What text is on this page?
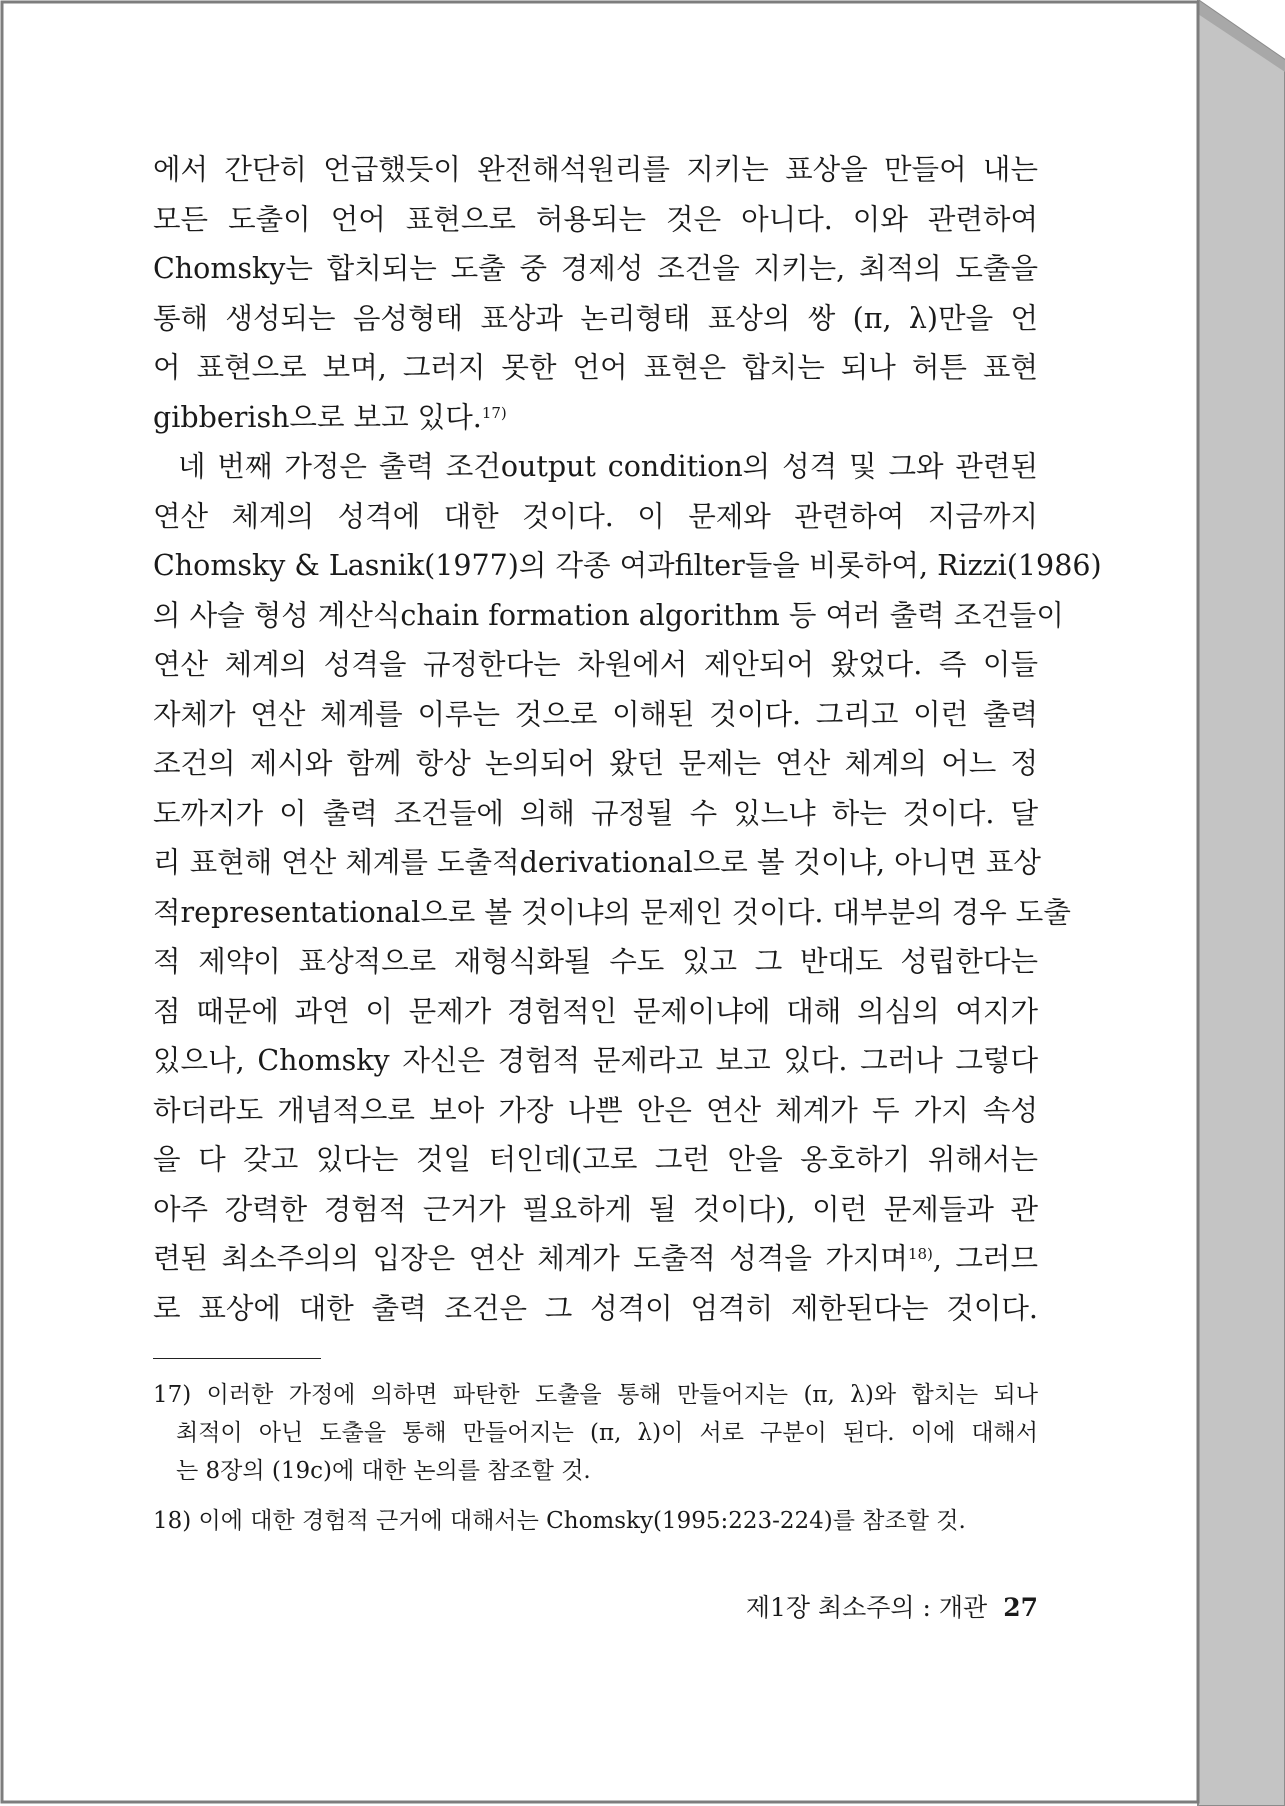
에서 간단히 언급했듯이 완전해석원리를 지키는 표상을 만들어 내는
모든 도출이 언어 표현으로 허용되는 것은 아니다. 이와 관련하여
Chomsky는 합치되는 도출 중 경제성 조건을 지키는, 최적의 도출을
통해 생성되는 음성형태 표상과 논리형태 표상의 쌍 (π, λ)만을 언
어 표현으로 보며, 그러지 못한 언어 표현은 합치는 되나 허튼 표현
gibberish으로 보고 있다.$^{17)}$
네 번째 가정은 출력 조건output condition의 성격 및 그와 관련된
연산 체계의 성격에 대한 것이다. 이 문제와 관련하여 지금까지
Chomsky & Lasnik(1977)의 각종 여과filter들을 비롯하여, Rizzi(1986)
의 사슬 형성 계산식chain formation algorithm 등 여러 출력 조건들이
연산 체계의 성격을 규정한다는 차원에서 제안되어 왔었다. 즉 이들
자체가 연산 체계를 이루는 것으로 이해된 것이다. 그리고 이런 출력
조건의 제시와 함께 항상 논의되어 왔던 문제는 연산 체계의 어느 정
도까지가 이 출력 조건들에 의해 규정될 수 있느냐 하는 것이다. 달
리 표현해 연산 체계를 도출적derivational으로 볼 것이냐, 아니면 표상
적representational으로 볼 것이냐의 문제인 것이다. 대부분의 경우 도출
적 제약이 표상적으로 재형식화될 수도 있고 그 반대도 성립한다는
점 때문에 과연 이 문제가 경험적인 문제이냐에 대해 의심의 여지가
있으나, Chomsky 자신은 경험적 문제라고 보고 있다. 그러나 그렇다
하더라도 개념적으로 보아 가장 나쁜 안은 연산 체계가 두 가지 속성
을 다 갖고 있다는 것일 터인데(고로 그런 안을 옹호하기 위해서는
아주 강력한 경험적 근거가 필요하게 될 것이다), 이런 문제들과 관
련된 최소주의의 입장은 연산 체계가 도출적 성격을 가지며$^{18)}$, 그러므
로 표상에 대한 출력 조건은 그 성격이 엄격히 제한된다는 것이다.
17) 이러한 가정에 의하면 파탄한 도출을 통해 만들어지는 (π, λ)와 합치는 되나
최적이 아닌 도출을 통해 만들어지는 (π, λ)이 서로 구분이 된다. 이에 대해서
는 8장의 (19c)에 대한 논의를 참조할 것.
18) 이에 대한 경험적 근거에 대해서는 Chomsky(1995:223-224)를 참조할 것.
제1장 최소주의 : 개관 27
